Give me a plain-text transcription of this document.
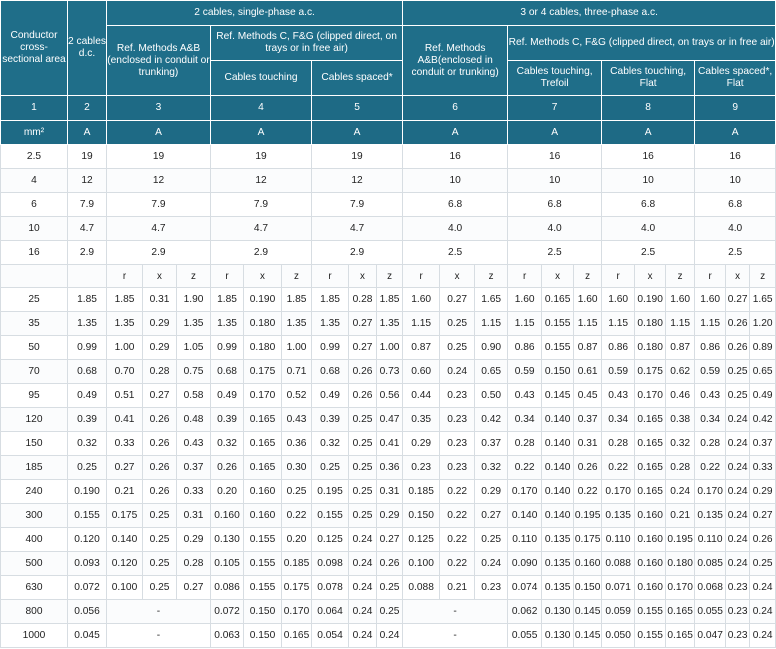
Conductor cross-sectional area	2 cables d.c.	2 cables, single-phase a.c.									3 or 4 cables, three-phase a.c.											
		Ref. Methods A&B (enclosed in conduit or trunking)			Ref. Methods C, F&G (clipped direct, on trays or in free air)						Ref. Methods A&B(enclosed in conduit or trunking)			Ref. Methods C, F&G (clipped direct, on trays or in free air)								
					Cables touching			Cables spaced*						Cables touching, Trefoil			Cables touching, Flat			Cables spaced*, Flat		
1	2	3			4			5			6			7			8			9		
mm²	A	A			A			A			A			A			A			A		
2.5	19	19			19			19			16			16			16			16		
4	12	12			12			12			10			10			10			10		
6	7.9	7.9			7.9			7.9			6.8			6.8			6.8			6.8		
10	4.7	4.7			4.7			4.7			4.0			4.0			4.0			4.0		
16	2.9	2.9			2.9			2.9			2.5			2.5			2.5			2.5		
		r	x	z	r	x	z	r	x	z	r	x	z	r	x	z	r	x	z	r	x	z
25	1.85	1.85	0.31	1.90	1.85	0.190	1.85	1.85	0.28	1.85	1.60	0.27	1.65	1.60	0.165	1.60	1.60	0.190	1.60	1.60	0.27	1.65
35	1.35	1.35	0.29	1.35	1.35	0.180	1.35	1.35	0.27	1.35	1.15	0.25	1.15	1.15	0.155	1.15	1.15	0.180	1.15	1.15	0.26	1.20
50	0.99	1.00	0.29	1.05	0.99	0.180	1.00	0.99	0.27	1.00	0.87	0.25	0.90	0.86	0.155	0.87	0.86	0.180	0.87	0.86	0.26	0.89
70	0.68	0.70	0.28	0.75	0.68	0.175	0.71	0.68	0.26	0.73	0.60	0.24	0.65	0.59	0.150	0.61	0.59	0.175	0.62	0.59	0.25	0.65
95	0.49	0.51	0.27	0.58	0.49	0.170	0.52	0.49	0.26	0.56	0.44	0.23	0.50	0.43	0.145	0.45	0.43	0.170	0.46	0.43	0.25	0.49
120	0.39	0.41	0.26	0.48	0.39	0.165	0.43	0.39	0.25	0.47	0.35	0.23	0.42	0.34	0.140	0.37	0.34	0.165	0.38	0.34	0.24	0.42
150	0.32	0.33	0.26	0.43	0.32	0.165	0.36	0.32	0.25	0.41	0.29	0.23	0.37	0.28	0.140	0.31	0.28	0.165	0.32	0.28	0.24	0.37
185	0.25	0.27	0.26	0.37	0.26	0.165	0.30	0.25	0.25	0.36	0.23	0.23	0.32	0.22	0.140	0.26	0.22	0.165	0.28	0.22	0.24	0.33
240	0.190	0.21	0.26	0.33	0.20	0.160	0.25	0.195	0.25	0.31	0.185	0.22	0.29	0.170	0.140	0.22	0.170	0.165	0.24	0.170	0.24	0.29
300	0.155	0.175	0.25	0.31	0.160	0.160	0.22	0.155	0.25	0.29	0.150	0.22	0.27	0.140	0.140	0.195	0.135	0.160	0.21	0.135	0.24	0.27
400	0.120	0.140	0.25	0.29	0.130	0.155	0.20	0.125	0.24	0.27	0.125	0.22	0.25	0.110	0.135	0.175	0.110	0.160	0.195	0.110	0.24	0.26
500	0.093	0.120	0.25	0.28	0.105	0.155	0.185	0.098	0.24	0.26	0.100	0.22	0.24	0.090	0.135	0.160	0.088	0.160	0.180	0.085	0.24	0.25
630	0.072	0.100	0.25	0.27	0.086	0.155	0.175	0.078	0.24	0.25	0.088	0.21	0.23	0.074	0.135	0.150	0.071	0.160	0.170	0.068	0.23	0.24
800	0.056	-			0.072	0.150	0.170	0.064	0.24	0.25	-			0.062	0.130	0.145	0.059	0.155	0.165	0.055	0.23	0.24
1000	0.045	-			0.063	0.150	0.165	0.054	0.24	0.24	-			0.055	0.130	0.145	0.050	0.155	0.165	0.047	0.23	0.24
